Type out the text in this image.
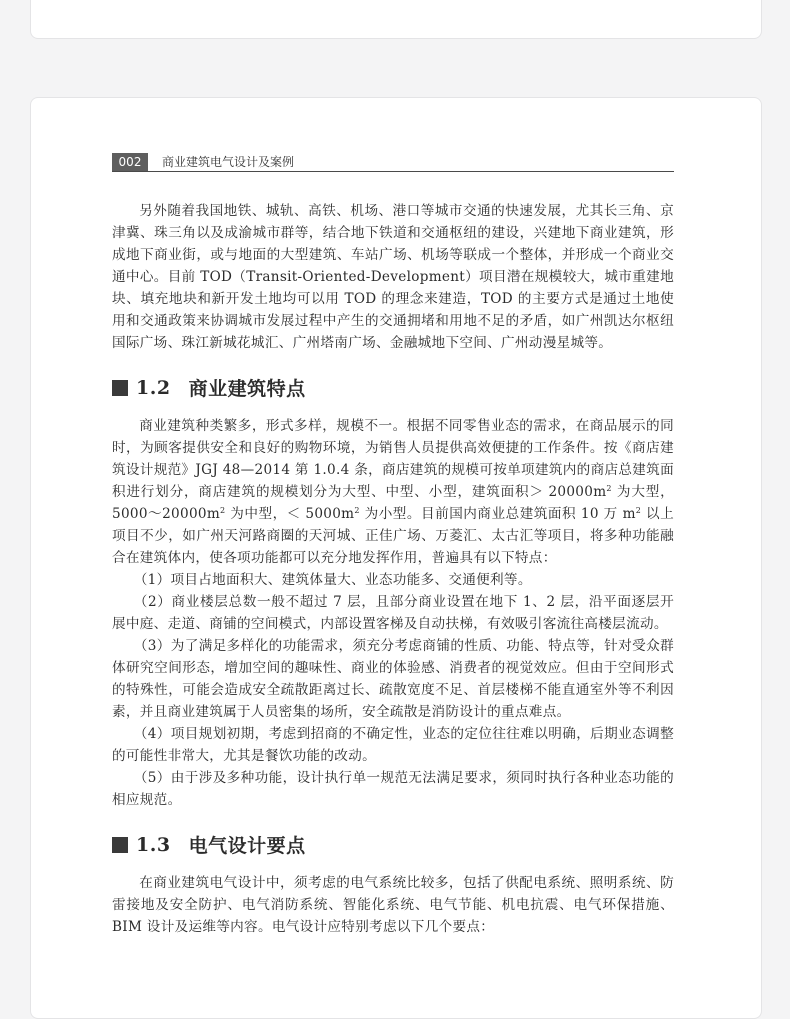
002	商业建筑电气设计及案例

另外随着我国地铁、城轨、高铁、机场、港口等城市交通的快速发展，尤其长三角、京津冀、珠三角以及成渝城市群等，结合地下铁道和交通枢纽的建设，兴建地下商业建筑，形成地下商业街，或与地面的大型建筑、车站广场、机场等联成一个整体，并形成一个商业交通中心。目前 TOD（Transit-Oriented-Development）项目潜在规模较大，城市重建地块、填充地块和新开发土地均可以用 TOD 的理念来建造，TOD 的主要方式是通过土地使用和交通政策来协调城市发展过程中产生的交通拥堵和用地不足的矛盾，如广州凯达尔枢纽国际广场、珠江新城花城汇、广州塔南广场、金融城地下空间、广州动漫星城等。

1.2 商业建筑特点

商业建筑种类繁多，形式多样，规模不一。根据不同零售业态的需求，在商品展示的同时，为顾客提供安全和良好的购物环境，为销售人员提供高效便捷的工作条件。按《商店建筑设计规范》JGJ 48—2014 第 1.0.4 条，商店建筑的规模可按单项建筑内的商店总建筑面积进行划分，商店建筑的规模划分为大型、中型、小型，建筑面积＞ $20000m^2$ 为大型，$5000\sim 20000m^2$ 为中型，＜ $5000m^2$ 为小型。目前国内商业总建筑面积 10 万 $m^2$ 以上项目不少，如广州天河路商圈的天河城、正佳广场、万菱汇、太古汇等项目，将多种功能融合在建筑体内，使各项功能都可以充分地发挥作用，普遍具有以下特点：

（1）项目占地面积大、建筑体量大、业态功能多、交通便利等。

（2）商业楼层总数一般不超过 7 层，且部分商业设置在地下 1、2 层，沿平面逐层开展中庭、走道、商铺的空间模式，内部设置客梯及自动扶梯，有效吸引客流往高楼层流动。

（3）为了满足多样化的功能需求，须充分考虑商铺的性质、功能、特点等，针对受众群体研究空间形态，增加空间的趣味性、商业的体验感、消费者的视觉效应。但由于空间形式的特殊性，可能会造成安全疏散距离过长、疏散宽度不足、首层楼梯不能直通室外等不利因素，并且商业建筑属于人员密集的场所，安全疏散是消防设计的重点难点。

（4）项目规划初期，考虑到招商的不确定性，业态的定位往往难以明确，后期业态调整的可能性非常大，尤其是餐饮功能的改动。

（5）由于涉及多种功能，设计执行单一规范无法满足要求，须同时执行各种业态功能的相应规范。

1.3 电气设计要点

在商业建筑电气设计中，须考虑的电气系统比较多，包括了供配电系统、照明系统、防雷接地及安全防护、电气消防系统、智能化系统、电气节能、机电抗震、电气环保措施、BIM 设计及运维等内容。电气设计应特别考虑以下几个要点：
